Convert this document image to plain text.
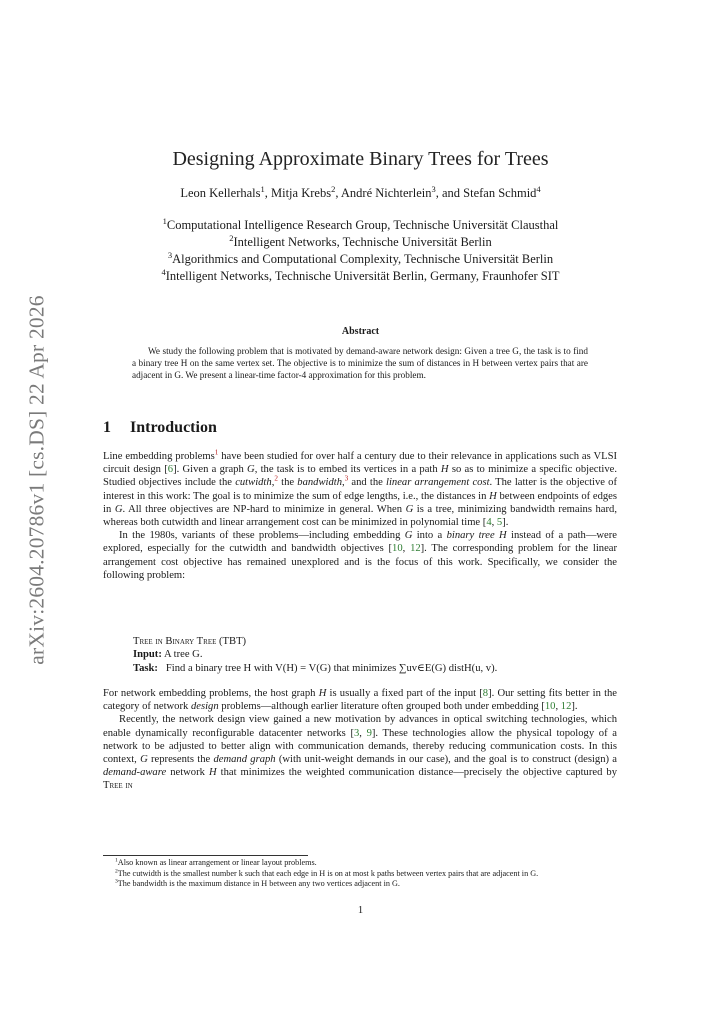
arXiv:2604.20786v1 [cs.DS] 22 Apr 2026
Designing Approximate Binary Trees for Trees
Leon Kellerhals$^1$, Mitja Krebs$^2$, André Nichterlein$^3$, and Stefan Schmid$^4$
$^1$Computational Intelligence Research Group, Technische Universität Clausthal
$^2$Intelligent Networks, Technische Universität Berlin
$^3$Algorithmics and Computational Complexity, Technische Universität Berlin
$^4$Intelligent Networks, Technische Universität Berlin, Germany, Fraunhofer SIT
Abstract

We study the following problem that is motivated by demand-aware network design: Given a tree G, the task is to find a binary tree H on the same vertex set. The objective is to minimize the sum of distances in H between vertex pairs that are adjacent in G. We present a linear-time factor-4 approximation for this problem.

1 Introduction

Line embedding problems$^1$ have been studied for over half a century due to their relevance in applications such as VLSI circuit design [6]. Given a graph G, the task is to embed its vertices in a path H so as to minimize a specific objective. Studied objectives include the cutwidth,$^2$ the bandwidth,$^3$ and the linear arrangement cost. The latter is the objective of interest in this work: The goal is to minimize the sum of edge lengths, i.e., the distances in H between endpoints of edges in G. All three objectives are NP-hard to minimize in general. When G is a tree, minimizing bandwidth remains hard, whereas both cutwidth and linear arrangement cost can be minimized in polynomial time [4, 5].

In the 1980s, variants of these problems—including embedding G into a binary tree H instead of a path—were explored, especially for the cutwidth and bandwidth objectives [10, 12]. The corresponding problem for the linear arrangement cost objective has remained unexplored and is the focus of this work. Specifically, we consider the following problem:

Tree in Binary Tree (TBT)
Input: A tree G.
Task: Find a binary tree H with V(H) = V(G) that minimizes ∑uv∈E(G) distH(u, v).

For network embedding problems, the host graph H is usually a fixed part of the input [8]. Our setting fits better in the category of network design problems—although earlier literature often grouped both under embedding [10, 12].

Recently, the network design view gained a new motivation by advances in optical switching technologies, which enable dynamically reconfigurable datacenter networks [3, 9]. These technologies allow the physical topology of a network to be adjusted to better align with communication demands, thereby reducing communication costs. In this context, G represents the demand graph (with unit-weight demands in our case), and the goal is to construct (design) a demand-aware network H that minimizes the weighted communication distance—precisely the objective captured by Tree in

$^1$Also known as linear arrangement or linear layout problems.

$^2$The cutwidth is the smallest number k such that each edge in H is on at most k paths between vertex pairs that are adjacent in G.

$^3$The bandwidth is the maximum distance in H between any two vertices adjacent in G.

1
